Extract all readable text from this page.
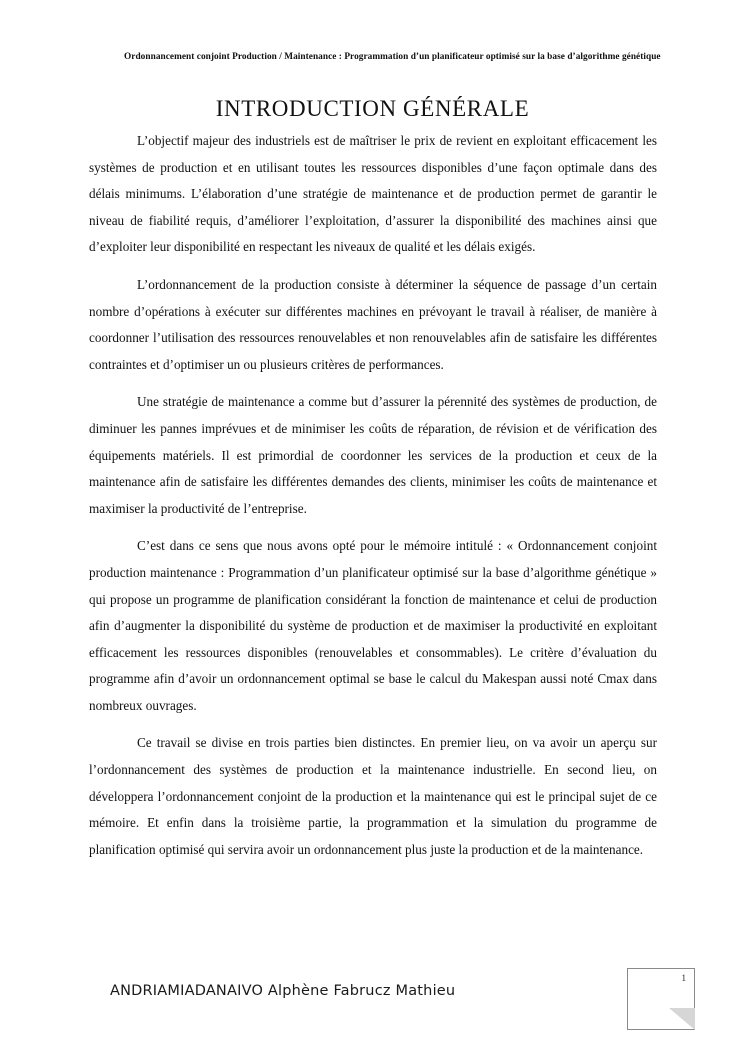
Ordonnancement conjoint Production / Maintenance : Programmation d’un planificateur optimisé sur la base d’algorithme génétique
INTRODUCTION GÉNÉRALE

L’objectif majeur des industriels est de maîtriser le prix de revient en exploitant efficacement les systèmes de production et en utilisant toutes les ressources disponibles d’une façon optimale dans des délais minimums. L’élaboration d’une stratégie de maintenance et de production permet de garantir le niveau de fiabilité requis, d’améliorer l’exploitation, d’assurer la disponibilité des machines ainsi que d’exploiter leur disponibilité en respectant les niveaux de qualité et les délais exigés.

L’ordonnancement de la production consiste à déterminer la séquence de passage d’un certain nombre d’opérations à exécuter sur différentes machines en prévoyant le travail à réaliser, de manière à coordonner l’utilisation des ressources renouvelables et non renouvelables afin de satisfaire les différentes contraintes et d’optimiser un ou plusieurs critères de performances.

Une stratégie de maintenance a comme but d’assurer la pérennité des systèmes de production, de diminuer les pannes imprévues et de minimiser les coûts de réparation, de révision et de vérification des équipements matériels. Il est primordial de coordonner les services de la production et ceux de la maintenance afin de satisfaire les différentes demandes des clients, minimiser les coûts de maintenance et maximiser la productivité de l’entreprise.

C’est dans ce sens que nous avons opté pour le mémoire intitulé : « Ordonnancement conjoint production maintenance : Programmation d’un planificateur optimisé sur la base d’algorithme génétique » qui propose un programme de planification considérant la fonction de maintenance et celui de production afin d’augmenter la disponibilité du système de production et de maximiser la productivité en exploitant efficacement les ressources disponibles (renouvelables et consommables). Le critère d’évaluation du programme afin d’avoir un ordonnancement optimal se base le calcul du Makespan aussi noté Cmax dans nombreux ouvrages.

Ce travail se divise en trois parties bien distinctes. En premier lieu, on va avoir un aperçu sur l’ordonnancement des systèmes de production et la maintenance industrielle. En second lieu, on développera l’ordonnancement conjoint de la production et la maintenance qui est le principal sujet de ce mémoire. Et enfin dans la troisième partie, la programmation et la simulation du programme de planification optimisé qui servira avoir un ordonnancement plus juste la production et de la maintenance.

ANDRIAMIADANAIVO Alphène Fabrucz Mathieu
1
